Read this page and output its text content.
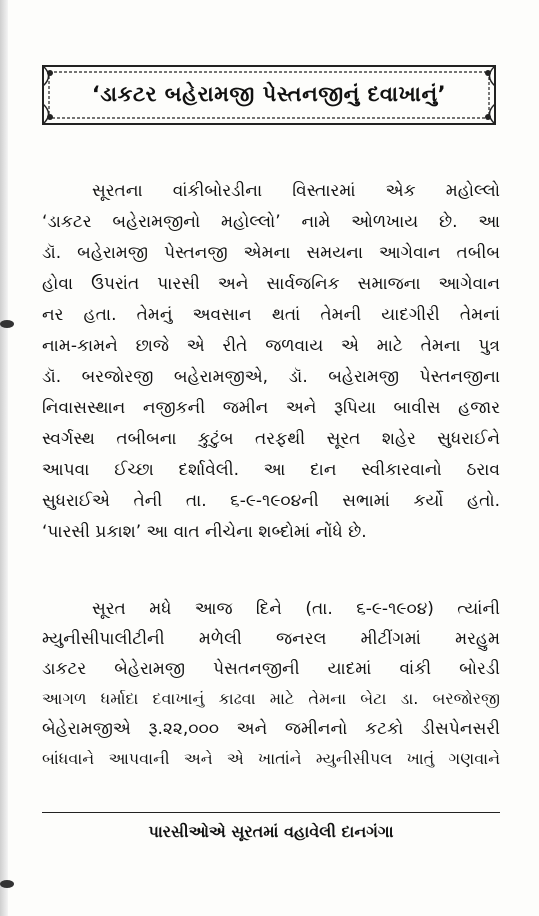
‘ડાકટર બહેરામજી પેસ્તનજીનું દવાખાનું’
સૂરતના વાંકીબોરડીના વિસ્તારમાં એક મહોલ્લો
‘ડાકટર બહેરામજીનો મહોલ્લો’ નામે ઓળખાય છે. આ
ડૉ. બહેરામજી પેસ્તનજી એમના સમયના આગેવાન તબીબ
હોવા ઉપરાંત પારસી અને સાર્વજનિક સમાજના આગેવાન
નર હતા. તેમનું અવસાન થતાં તેમની યાદગીરી તેમનાં
નામ-કામને છાજે એ રીતે જળવાય એ માટે તેમના પુત્ર
ડૉ. બરજોરજી બહેરામજીએ, ડૉ. બહેરામજી પેસ્તનજીના
નિવાસસ્થાન નજીકની જમીન અને રૂપિયા બાવીસ હજાર
સ્વર્ગસ્થ તબીબના કુટુંબ તરફથી સૂરત શહેર સુધરાઈને
આપવા ઈચ્છા દર્શાવેલી. આ દાન સ્વીકારવાનો ઠરાવ
સુધરાઈએ તેની તા. ૬-૯-૧૯૦૪ની સભામાં કર્યો હતો.
‘પારસી પ્રકાશ’ આ વાત નીચેના શબ્દોમાં નોંધે છે.
સૂરત મધે આજ દિને (તા. ૬-૯-૧૯૦૪) ત્યાંની
મ્યુનીસીપાલીટીની મળેલી જનરલ મીટીંગમાં મરહુમ
ડાકટર બેહેરામજી પેસતનજીની યાદમાં વાંકી બોરડી
આગળ ધર્માદા દવાખાનું કાઢવા માટે તેમના બેટા ડા. બરજોરજી
બેહેરામજીએ રૂ.૨૨,૦૦૦ અને જમીનનો કટકો ડીસપેનસરી
બાંધવાને આપવાની અને એ ખાતાંને મ્યુનીસીપલ ખાતું ગણવાને
પારસીઓએ સૂરતમાં વહાવેલી દાનગંગા
